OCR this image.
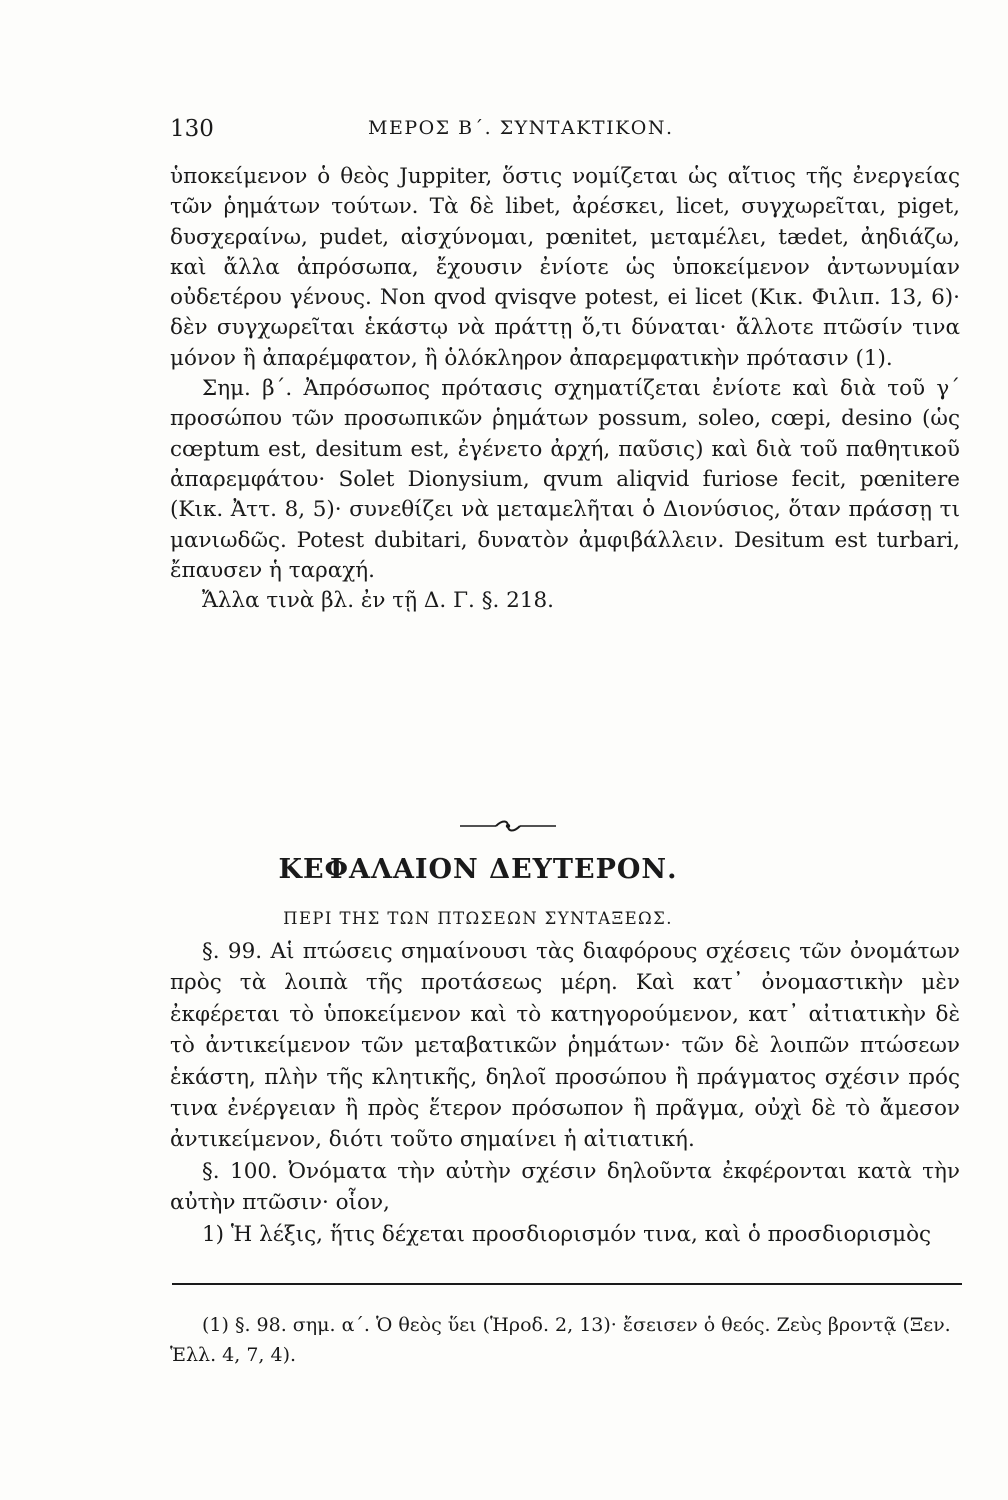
130	ΜΕΡΟΣ Β΄. ΣΥΝΤΑΚΤΙΚΟΝ.

ὑποκείμενον ὁ θεὸς Juppiter, ὅστις νομίζεται ὡς αἴτιος τῆς ἐνεργείας τῶν ῥημάτων τούτων. Τὰ δὲ libet, ἀρέσκει, licet, συγχωρεῖται, piget, δυσχεραίνω, pudet, αἰσχύνομαι, pœnitet, μεταμέλει, tædet, ἀηδιάζω, καὶ ἄλλα ἀπρόσωπα, ἔχουσιν ἐνίοτε ὡς ὑποκείμενον ἀντωνυμίαν οὐδετέρου γένους. Non qvod qvisqve potest, ei licet (Κικ. Φιλιπ. 13, 6)· δὲν συγχωρεῖται ἑκάστῳ νὰ πράττῃ ὅ,τι δύναται· ἄλλοτε πτῶσίν τινα μόνον ἢ ἀπαρέμφατον, ἢ ὁλόκληρον ἀπαρεμφατικὴν πρότασιν (1).

Σημ. β΄. Ἀπρόσωπος πρότασις σχηματίζεται ἐνίοτε καὶ διὰ τοῦ γ΄ προσώπου τῶν προσωπικῶν ῥημάτων possum, soleo, cœpi, desino (ὡς cœptum est, desitum est, ἐγένετο ἀρχή, παῦσις) καὶ διὰ τοῦ παθητικοῦ ἀπαρεμφάτου· Solet Dionysium, qvum aliqvid furiose fecit, pœnitere (Κικ. Ἀττ. 8, 5)· συνεθίζει νὰ μεταμελῆται ὁ Διονύσιος, ὅταν πράσσῃ τι μανιωδῶς. Potest dubitari, δυνατὸν ἀμφιβάλλειν. Desitum est turbari, ἔπαυσεν ἡ ταραχή.

Ἄλλα τινὰ βλ. ἐν τῇ Δ. Γ. §. 218.

ΚΕΦΑΛΑΙΟΝ ΔΕΥΤΕΡΟΝ.
ΠΕΡΙ ΤΗΣ ΤΩΝ ΠΤΩΣΕΩΝ ΣΥΝΤΑΞΕΩΣ.

§. 99. Αἱ πτώσεις σημαίνουσι τὰς διαφόρους σχέσεις τῶν ὀνομάτων πρὸς τὰ λοιπὰ τῆς προτάσεως μέρη. Καὶ κατ᾽ ὀνομαστικὴν μὲν ἐκφέρεται τὸ ὑποκείμενον καὶ τὸ κατηγορούμενον, κατ᾽ αἰτιατικὴν δὲ τὸ ἀντικείμενον τῶν μεταβατικῶν ῥημάτων· τῶν δὲ λοιπῶν πτώσεων ἑκάστη, πλὴν τῆς κλητικῆς, δηλοῖ προσώπου ἢ πράγματος σχέσιν πρός τινα ἐνέργειαν ἢ πρὸς ἕτερον πρόσωπον ἢ πρᾶγμα, οὐχὶ δὲ τὸ ἄμεσον ἀντικείμενον, διότι τοῦτο σημαίνει ἡ αἰτιατική.

§. 100. Ὀνόματα τὴν αὐτὴν σχέσιν δηλοῦντα ἐκφέρονται κατὰ τὴν αὐτὴν πτῶσιν· οἷον,

1) Ἡ λέξις, ἥτις δέχεται προσδιορισμόν τινα, καὶ ὁ προσδιορισμὸς

(1) §. 98. σημ. α΄. Ὁ θεὸς ὕει (Ἡροδ. 2, 13)· ἔσεισεν ὁ θεός. Ζεὺς βροντᾷ (Ξεν. Ἑλλ. 4, 7, 4).
